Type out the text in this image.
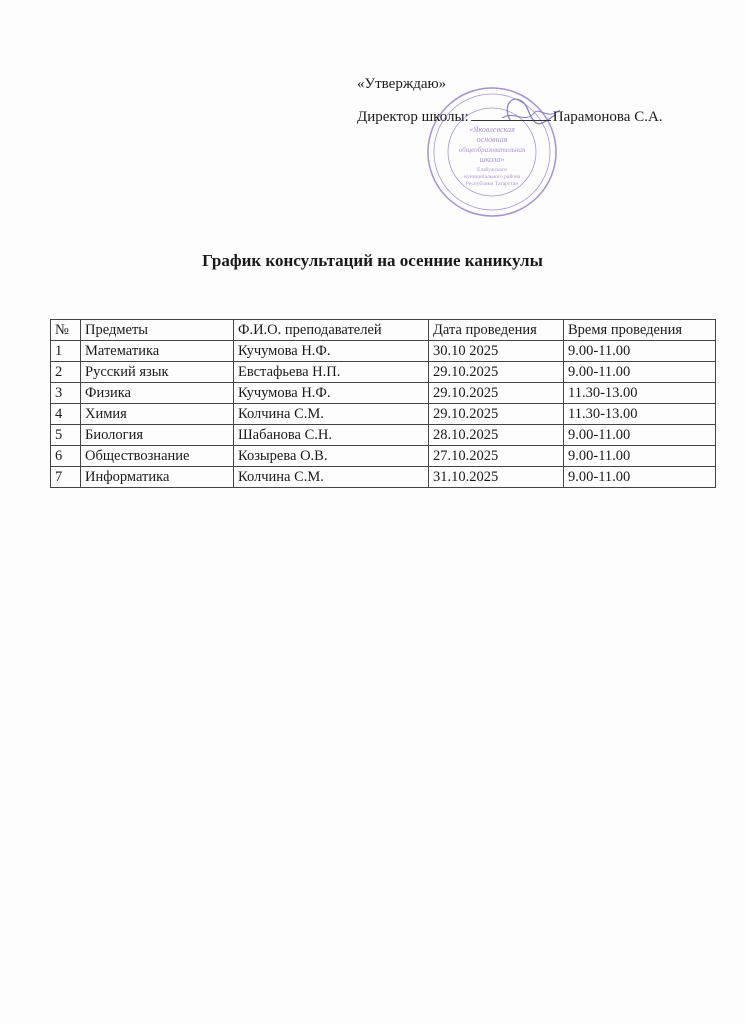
«Яковлевская
основная
общеобразовательная
школа»
Елабужского
муниципального района
Республики Татарстан
«Утверждаю»
Директор школы:	Парамонова С.А.
График консультаций на осенние каникулы
№	Предметы	Ф.И.О. преподавателей	Дата проведения	Время проведения
1	Математика	Кучумова Н.Ф.	30.10 2025	9.00-11.00
2	Русский язык	Евстафьева Н.П.	29.10.2025	9.00-11.00
3	Физика	Кучумова Н.Ф.	29.10.2025	11.30-13.00
4	Химия	Колчина С.М.	29.10.2025	11.30-13.00
5	Биология	Шабанова С.Н.	28.10.2025	9.00-11.00
6	Обществознание	Козырева О.В.	27.10.2025	9.00-11.00
7	Информатика	Колчина С.М.	31.10.2025	9.00-11.00
